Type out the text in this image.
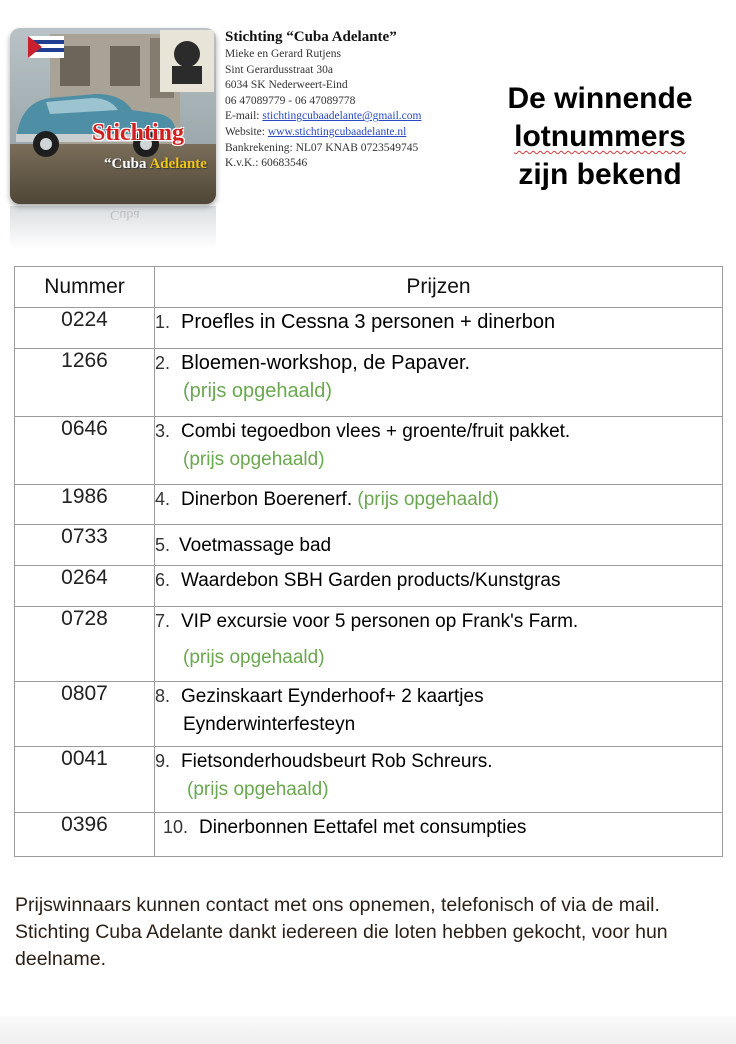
Stichting
“Cuba Adelante
Cuba
Stichting “Cuba Adelante”
Mieke en Gerard Rutjens
Sint Gerardusstraat 30a
6034 SK Nederweert-Eind
06 47089779 - 06 47089778
E-mail: stichtingcubaadelante@gmail.com
Website: www.stichtingcubaadelante.nl
Bankrekening: NL07 KNAB 0723549745
K.v.K.: 60683546
De winnende
lotnummers
zijn bekend
Nummer	Prijzen
0224	1. Proefles in Cessna 3 personen + dinerbon
1266	2. Bloemen-workshop, de Papaver.
(prijs opgehaald)

0646	3. Combi tegoedbon vlees + groente/fruit pakket.
(prijs opgehaald)

1986	4. Dinerbon Boerenerf. (prijs opgehaald)
0733	5. Voetmassage bad
0264	6. Waardebon SBH Garden products/Kunstgras
0728	7. VIP excursie voor 5 personen op Frank's Farm.
(prijs opgehaald)

0807	8. Gezinskaart Eynderhoof+ 2 kaartjes
Eynderwinterfesteyn

0041	9. Fietsonderhoudsbeurt Rob Schreurs.
(prijs opgehaald)

0396	10. Dinerbonnen Eettafel met consumpties
Prijswinnaars kunnen contact met ons opnemen, telefonisch of via de mail.
Stichting Cuba Adelante dankt iedereen die loten hebben gekocht, voor hun deelname.
